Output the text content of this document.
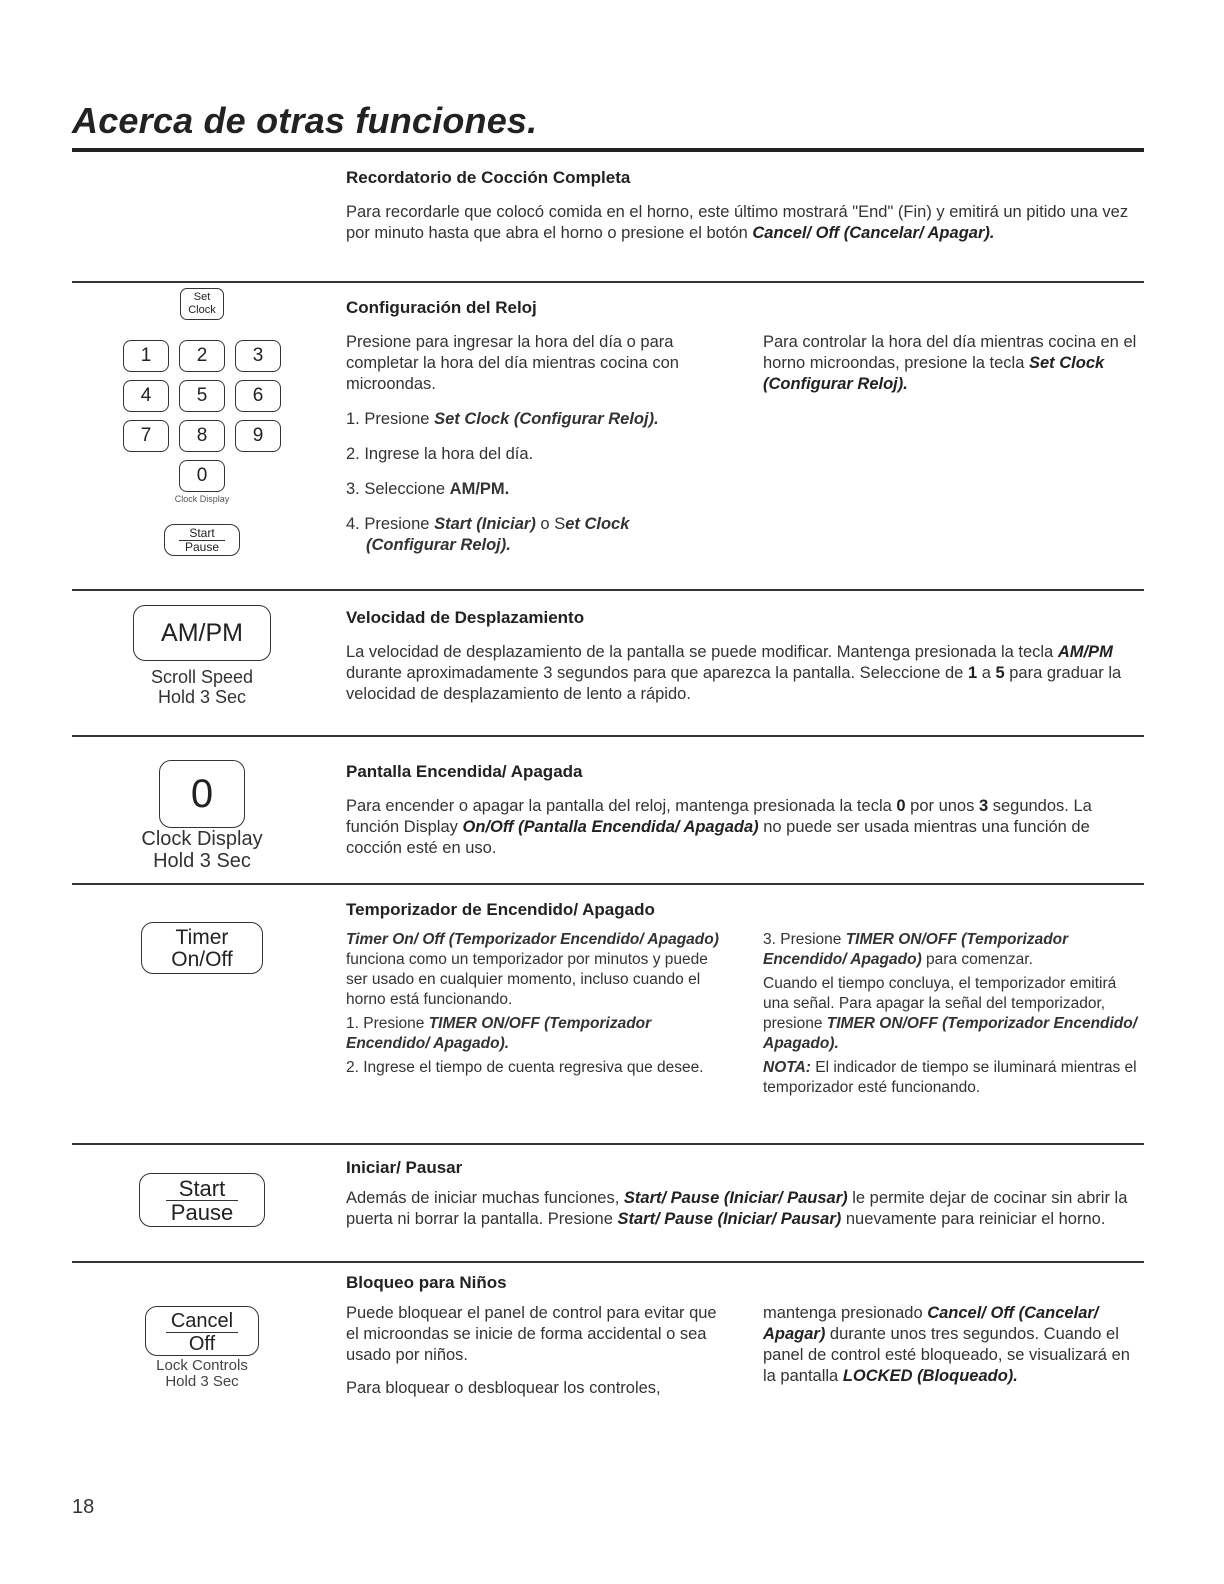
Acerca de otras funciones.
Recordatorio de Cocción Completa

Para recordarle que colocó comida en el horno, este último mostrará "End" (Fin) y emitirá un pitido una vez por minuto hasta que abra el horno o presione el botón Cancel/ Off (Cancelar/ Apagar).

Set
Clock
1	2	3
4	5	6
7	8	9
0
Clock Display
Start
Pause
Configuración del Reloj

Presione para ingresar la hora del día o para completar la hora del día mientras cocina con microondas.

1. Presione Set Clock (Configurar Reloj).
2. Ingrese la hora del día.
3. Seleccione AM/PM.
4. Presione Start (Iniciar) o Set Clock
(Configurar Reloj).

Para controlar la hora del día mientras cocina en el horno microondas, presione la tecla Set Clock (Configurar Reloj).

AM/PM
Scroll Speed
Hold 3 Sec
Velocidad de Desplazamiento

La velocidad de desplazamiento de la pantalla se puede modificar. Mantenga presionada la tecla AM/PM durante aproximadamente 3 segundos para que aparezca la pantalla. Seleccione de 1 a 5 para graduar la velocidad de desplazamiento de lento a rápido.

0
Clock Display
Hold 3 Sec
Pantalla Encendida/ Apagada

Para encender o apagar la pantalla del reloj, mantenga presionada la tecla 0 por unos 3 segundos. La función Display On/Off (Pantalla Encendida/ Apagada) no puede ser usada mientras una función de cocción esté en uso.

Timer
On/Off
Temporizador de Encendido/ Apagado
Timer On/ Off (Temporizador Encendido/ Apagado) funciona como un temporizador por minutos y puede ser usado en cualquier momento, incluso cuando el horno está funcionando.
1. Presione TIMER ON/OFF (Temporizador Encendido/ Apagado).
2. Ingrese el tiempo de cuenta regresiva que desee.
3. Presione TIMER ON/OFF (Temporizador Encendido/ Apagado) para comenzar.
Cuando el tiempo concluya, el temporizador emitirá una señal. Para apagar la señal del temporizador, presione TIMER ON/OFF (Temporizador Encendido/ Apagado).
NOTA: El indicador de tiempo se iluminará mientras el temporizador esté funcionando.
Start
Pause
Iniciar/ Pausar

Además de iniciar muchas funciones, Start/ Pause (Iniciar/ Pausar) le permite dejar de cocinar sin abrir la puerta ni borrar la pantalla. Presione Start/ Pause (Iniciar/ Pausar) nuevamente para reiniciar el horno.

Cancel
Off
Lock Controls
Hold 3 Sec
Bloqueo para Niños

Puede bloquear el panel de control para evitar que el microondas se inicie de forma accidental o sea usado por niños.

Para bloquear o desbloquear los controles,

mantenga presionado Cancel/ Off (Cancelar/ Apagar) durante unos tres segundos. Cuando el panel de control esté bloqueado, se visualizará en la pantalla LOCKED (Bloqueado).

18
